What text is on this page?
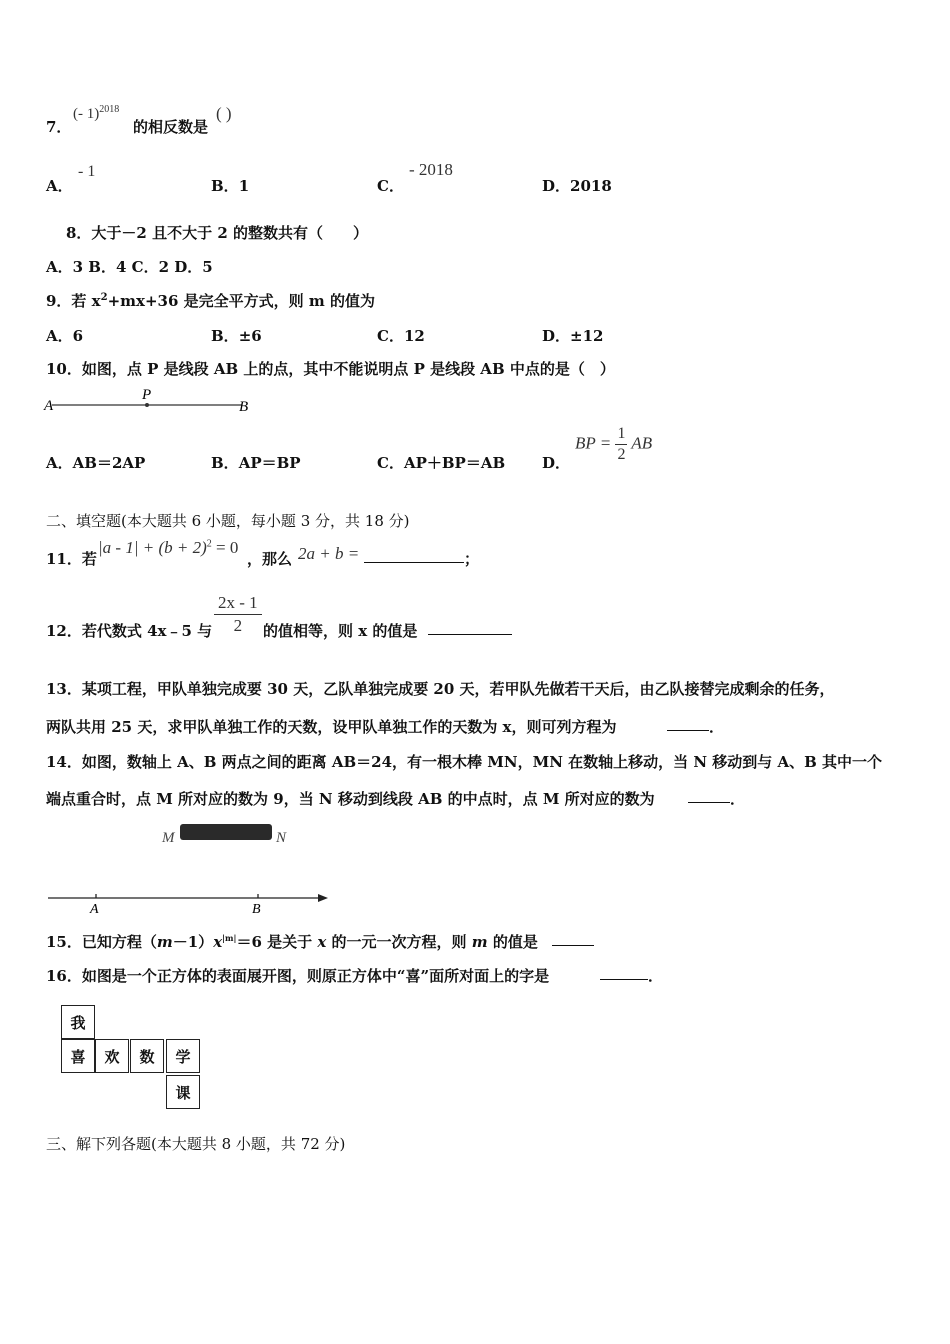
7．
(- 1)$^{2018}$
的相反数是
( )
A．
- 1
B．1	C．
- 2018
D．2018
8．大于－2 且不大于 2 的整数共有（　　）
A．3 B．4 C．2 D．5
9．若 $x^2+mx+36$ 是完全平方式，则 m 的值为
A．6	B．±6	C．12	D．±12
10．如图，点 P 是线段 AB 上的点，其中不能说明点 P 是线段 AB 中点的是（　）
A
P
B
A．AB＝2AP	B．AP＝BP	C．AP＋BP＝AB D．
BP = $\frac{1}{2}$ AB
二、填空题(本大题共 6 小题，每小题 3 分，共 18 分)
11．若
$|a - 1| + (b + 2)^2 = 0$
，那么 2a + b =	；
12．若代数式 4x﹣5 与 $\frac{2x - 1}{2}$ 的值相等，则 x 的值是
13．某项工程，甲队单独完成要 30 天，乙队单独完成要 20 天，若甲队先做若干天后，由乙队接替完成剩余的任务，
两队共用 25 天，求甲队单独工作的天数，设甲队单独工作的天数为 x，则可列方程为	．
14．如图，数轴上 A、B 两点之间的距离 AB＝24，有一根木棒 MN，MN 在数轴上移动，当 N 移动到与 A、B 其中一个
端点重合时，点 M 所对应的数为 9，当 N 移动到线段 AB 的中点时，点 M 所对应的数为	．
M	N
A	B
15．已知方程$(m-1)x^{|m|}=6$ 是关于 x 的一元一次方程，则 m 的值是
16．如图是一个正方体的表面展开图，则原正方体中“喜”面所对面上的字是	．
我
喜	欢	数	学
课
三、解下列各题(本大题共 8 小题，共 72 分)
